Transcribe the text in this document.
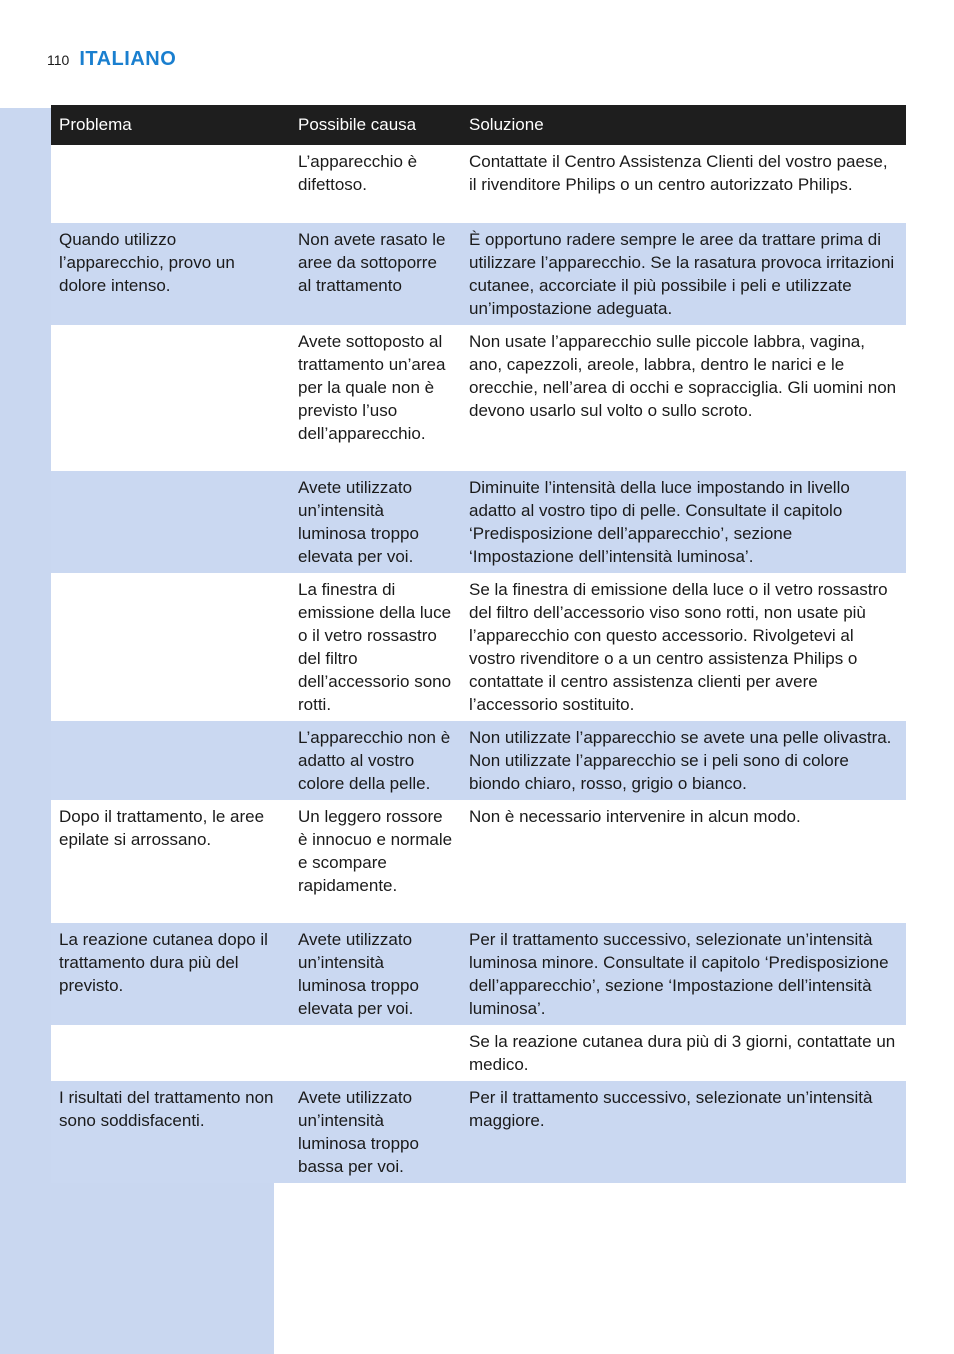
110 ITALIANO
Problema	Possibile causa	Soluzione
	L’apparecchio è difettoso.	Contattate il Centro Assistenza Clienti del vostro paese, il rivenditore Philips o un centro autorizzato Philips.
Quando utilizzo l’apparecchio, provo un dolore intenso.	Non avete rasato le aree da sottoporre al trattamento	È opportuno radere sempre le aree da trattare prima di utilizzare l’apparecchio. Se la rasatura provoca irritazioni cutanee, accorciate il più possibile i peli e utilizzate un’impostazione adeguata.
	Avete sottoposto al trattamento un’area per la quale non è previsto l’uso dell’apparecchio.	Non usate l’apparecchio sulle piccole labbra, vagina, ano, capezzoli, areole, labbra, dentro le narici e le orecchie, nell’area di occhi e sopracciglia. Gli uomini non devono usarlo sul volto o sullo scroto.
	Avete utilizzato un’intensità luminosa troppo elevata per voi.	Diminuite l’intensità della luce impostando in livello adatto al vostro tipo di pelle. Consultate il capitolo ‘Predisposizione dell’apparecchio’, sezione ‘Impostazione dell’intensità luminosa’.
	La finestra di emissione della luce o il vetro rossastro del filtro dell’accessorio sono rotti.	Se la finestra di emissione della luce o il vetro rossastro del filtro dell’accessorio viso sono rotti, non usate più l’apparecchio con questo accessorio. Rivolgetevi al vostro rivenditore o a un centro assistenza Philips o contattate il centro assistenza clienti per avere l’accessorio sostituito.
	L’apparecchio non è adatto al vostro colore della pelle.	Non utilizzate l’apparecchio se avete una pelle olivastra. Non utilizzate l’apparecchio se i peli sono di colore biondo chiaro, rosso, grigio o bianco.
Dopo il trattamento, le aree epilate si arrossano.	Un leggero rossore è innocuo e normale e scompare rapidamente.	Non è necessario intervenire in alcun modo.
La reazione cutanea dopo il trattamento dura più del previsto.	Avete utilizzato un’intensità luminosa troppo elevata per voi.	Per il trattamento successivo, selezionate un’intensità luminosa minore. Consultate il capitolo ‘Predisposizione dell’apparecchio’, sezione ‘Impostazione dell’intensità luminosa’.
		Se la reazione cutanea dura più di 3 giorni, contattate un medico.
I risultati del trattamento non sono soddisfacenti.	Avete utilizzato un’intensità luminosa troppo bassa per voi.	Per il trattamento successivo, selezionate un’intensità maggiore.
